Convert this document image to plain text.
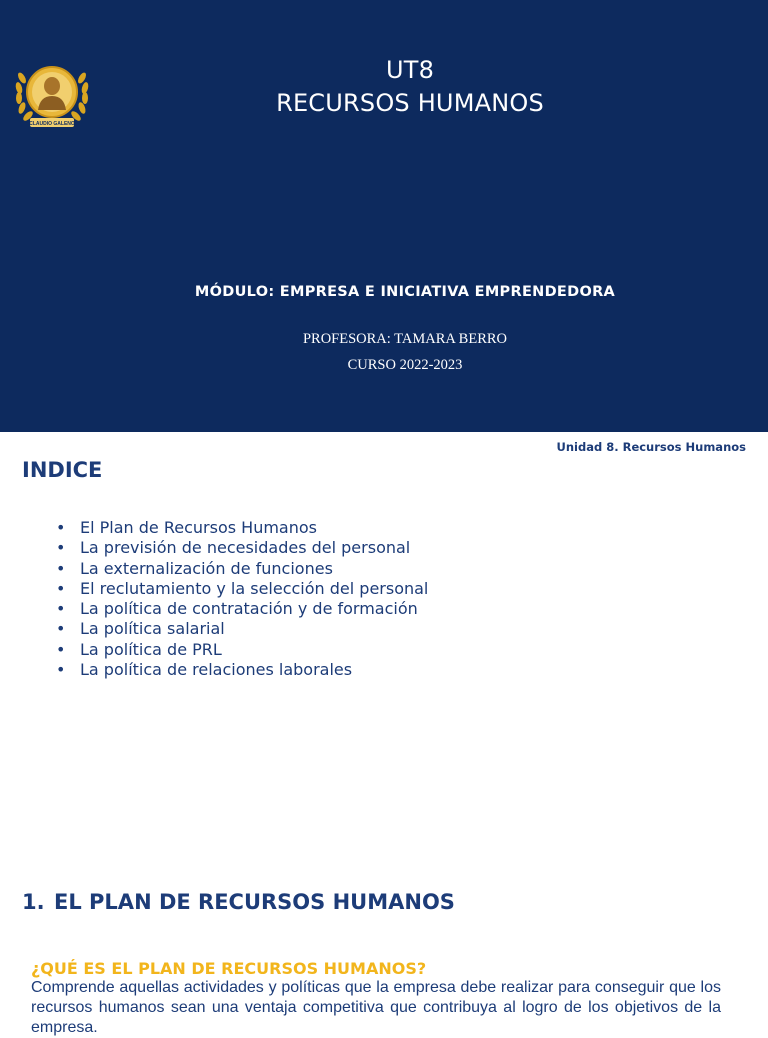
CLAUDIO GALENO
UT8
RECURSOS HUMANOS
MÓDULO: EMPRESA E INICIATIVA EMPRENDEDORA
PROFESORA: TAMARA BERRO
CURSO 2022-2023
Unidad 8. Recursos Humanos
INDICE
• El Plan de Recursos Humanos
• La previsión de necesidades del personal
• La externalización de funciones
• El reclutamiento y la selección del personal
• La política de contratación y de formación
• La política salarial
• La política de PRL
• La política de relaciones laborales
1. EL PLAN DE RECURSOS HUMANOS
¿QUÉ ES EL PLAN DE RECURSOS HUMANOS?
Comprende aquellas actividades y políticas que la empresa debe realizar para conseguir que los recursos humanos sean una ventaja competitiva que contribuya al logro de los objetivos de la empresa.
